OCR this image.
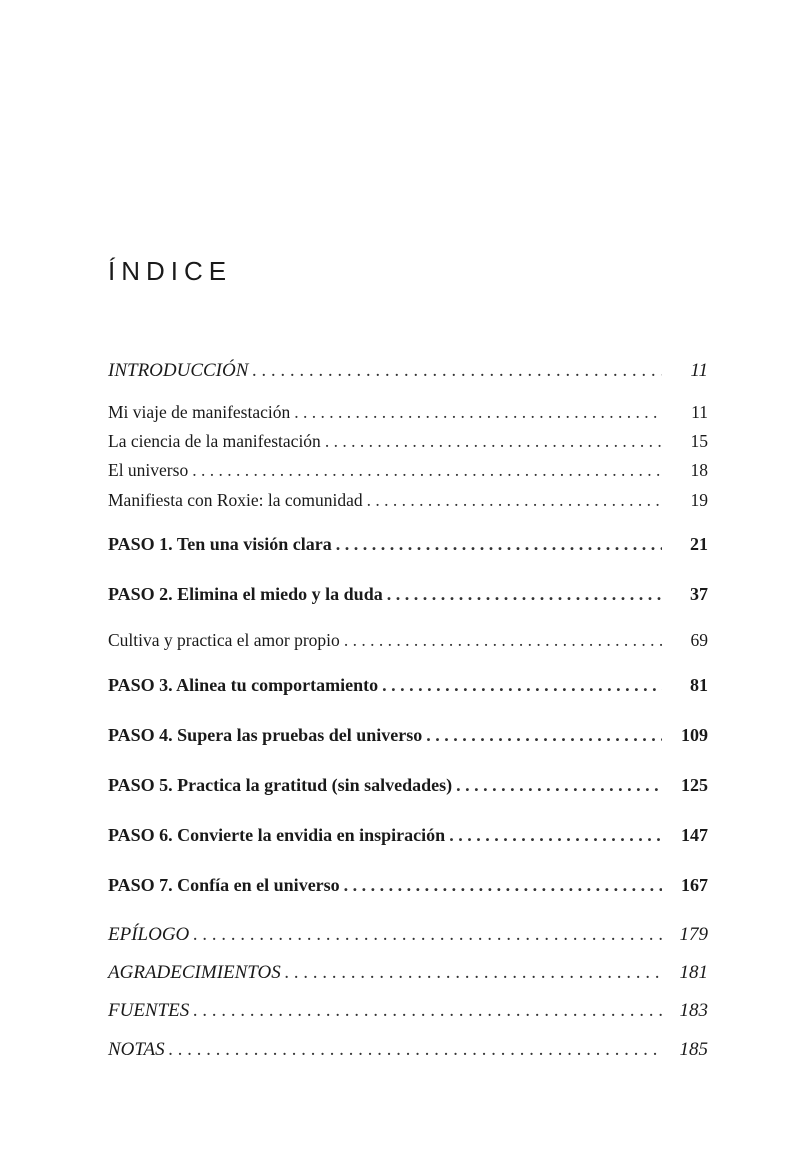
ÍNDICE
INTRODUCCIÓN . . .	11
Mi viaje de manifestación . . .	11
La ciencia de la manifestación . . .	15
El universo . . .	18
Manifiesta con Roxie: la comunidad . . .	19
PASO 1. Ten una visión clara . . .	21
PASO 2. Elimina el miedo y la duda . . .	37
Cultiva y practica el amor propio . . .	69
PASO 3. Alinea tu comportamiento . . .	81
PASO 4. Supera las pruebas del universo . . .	109
PASO 5. Practica la gratitud (sin salvedades) . . .	125
PASO 6. Convierte la envidia en inspiración . . .	147
PASO 7. Confía en el universo . . .	167
EPÍLOGO . . .	179
AGRADECIMIENTOS . . .	181
FUENTES . . .	183
NOTAS . . .	185
